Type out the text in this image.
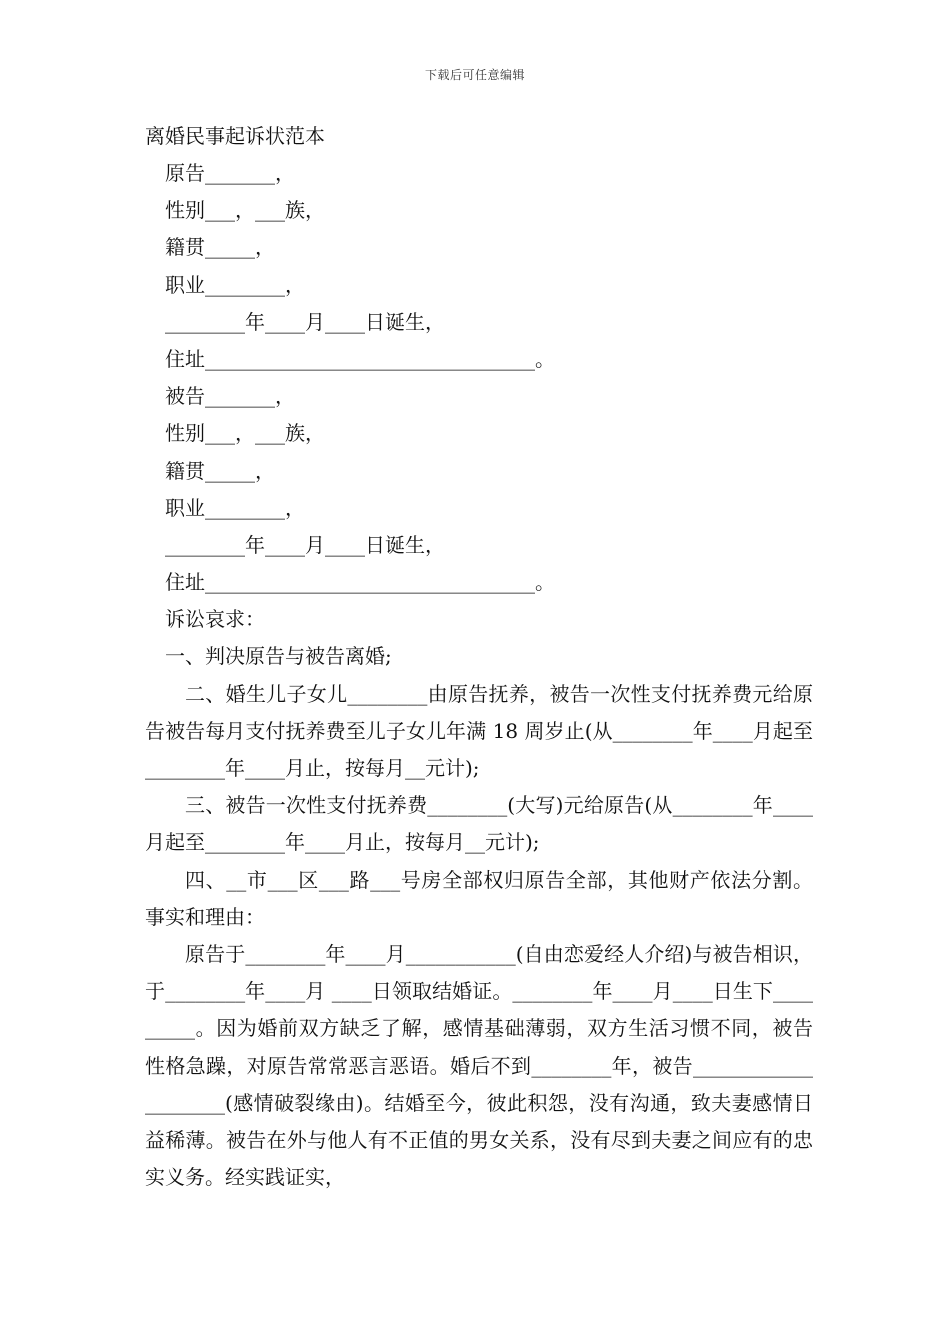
下载后可任意编辑
离婚民事起诉状范本
原告_______，
性别___，___族，
籍贯_____，
职业________，
________年____月____日诞生，
住址_________________________________。
被告_______，
性别___，___族，
籍贯_____，
职业________，
________年____月____日诞生，
住址_________________________________。
诉讼哀求：
一、判决原告与被告离婚;

二、婚生儿子女儿________由原告抚养，被告一次性支付抚养费元给原告被告每月支付抚养费至儿子女儿年满 18 周岁止(从________年____月起至________年____月止，按每月__元计);

三、被告一次性支付抚养费________(大写)元给原告(从________年____月起至________年____月止，按每月__元计);

四、__市___区___路___号房全部权归原告全部，其他财产依法分割。事实和理由：

原告于________年____月___________(自由恋爱经人介绍)与被告相识，于________年____月 ____日领取结婚证。________年____月____日生下_________。因为婚前双方缺乏了解，感情基础薄弱，双方生活习惯不同，被告性格急躁，对原告常常恶言恶语。婚后不到________年，被告____________________(感情破裂缘由)。结婚至今，彼此积怨，没有沟通，致夫妻感情日益稀薄。被告在外与他人有不正值的男女关系，没有尽到夫妻之间应有的忠实义务。经实践证实，
